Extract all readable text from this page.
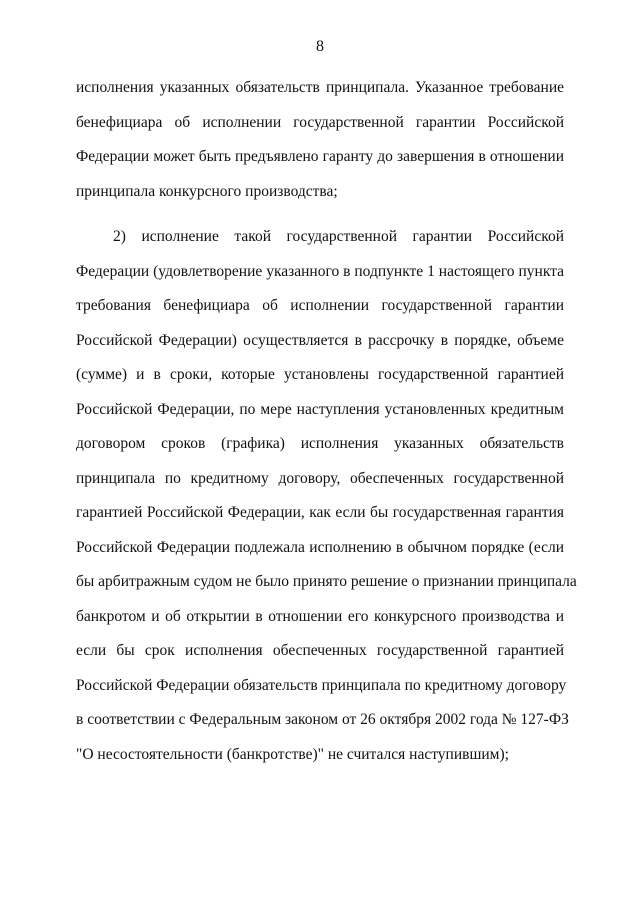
8
исполнения указанных обязательств принципала. Указанное требование
бенефициара об исполнении государственной гарантии Российской
Федерации может быть предъявлено гаранту до завершения в отношении
принципала конкурсного производства;
2) исполнение такой государственной гарантии Российской
Федерации (удовлетворение указанного в подпункте 1 настоящего пункта
требования бенефициара об исполнении государственной гарантии
Российской Федерации) осуществляется в рассрочку в порядке, объеме
(сумме) и в сроки, которые установлены государственной гарантией
Российской Федерации, по мере наступления установленных кредитным
договором сроков (графика) исполнения указанных обязательств
принципала по кредитному договору, обеспеченных государственной
гарантией Российской Федерации, как если бы государственная гарантия
Российской Федерации подлежала исполнению в обычном порядке (если
бы арбитражным судом не было принято решение о признании принципала
банкротом и об открытии в отношении его конкурсного производства и
если бы срок исполнения обеспеченных государственной гарантией
Российской Федерации обязательств принципала по кредитному договору
в соответствии с Федеральным законом от 26 октября 2002 года № 127-ФЗ
"О несостоятельности (банкротстве)" не считался наступившим);
